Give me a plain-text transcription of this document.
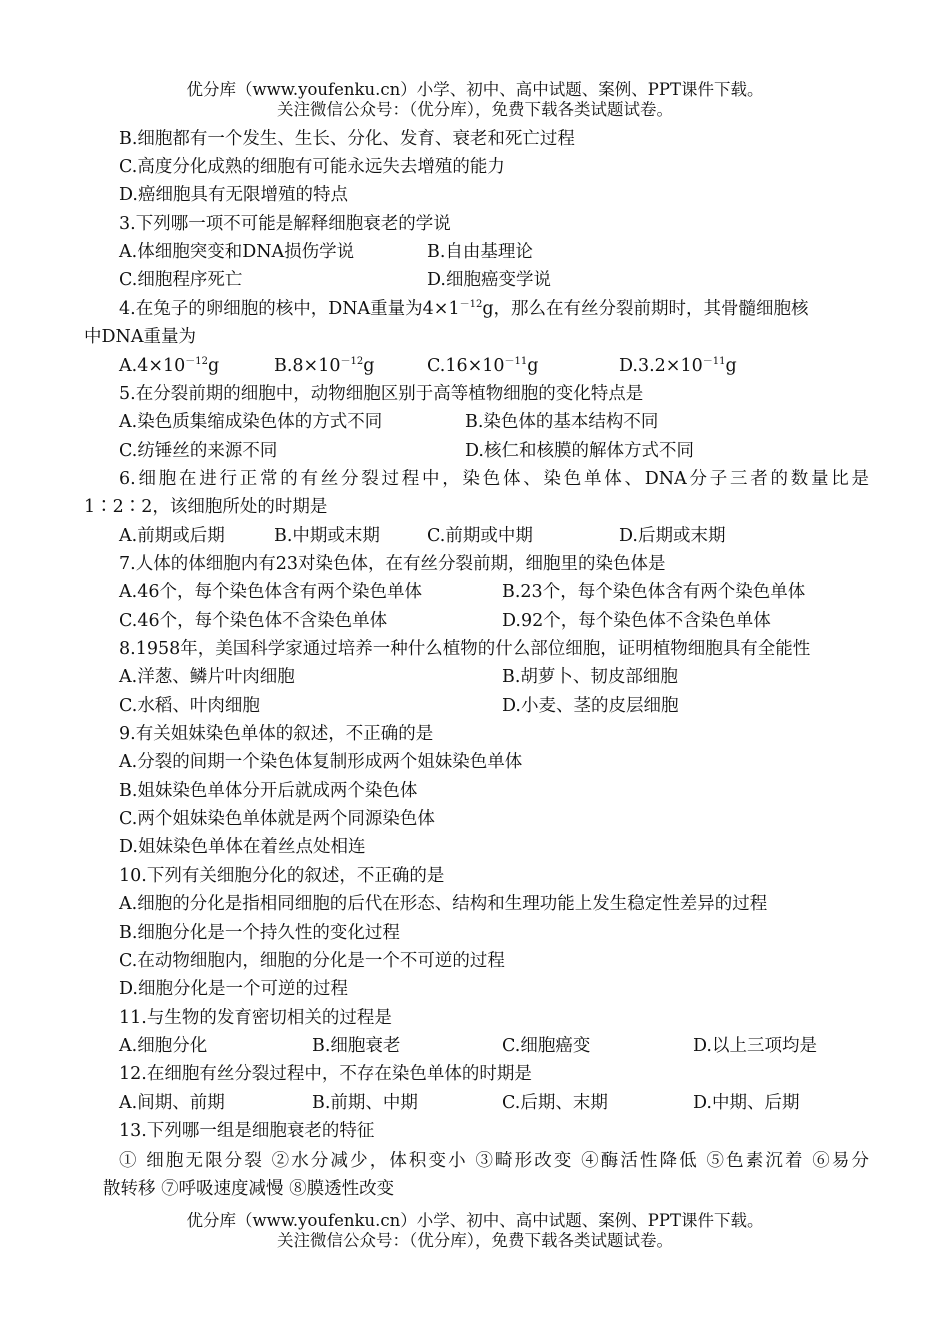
优分库（www.youfenku.cn）小学、初中、高中试题、案例、PPT课件下载。
关注微信公众号：（优分库），免费下载各类试题试卷。
B.细胞都有一个发生、生长、分化、发育、衰老和死亡过程
C.高度分化成熟的细胞有可能永远失去增殖的能力
D.癌细胞具有无限增殖的特点
3.下列哪一项不可能是解释细胞衰老的学说
A.体细胞突变和DNA损伤学说	B.自由基理论
C.细胞程序死亡	D.细胞癌变学说
4.在兔子的卵细胞的核中，DNA重量为$4\times 1^{-12}g$，那么在有丝分裂前期时，其骨髓细胞核
中DNA重量为
$A.4\times 10^{-12}g$	$B.8\times 10^{-12}g$	$C.16\times 10^{-11}g$	$D.3.2\times 10^{-11}g$
5.在分裂前期的细胞中，动物细胞区别于高等植物细胞的变化特点是
A.染色质集缩成染色体的方式不同	B.染色体的基本结构不同
C.纺锤丝的来源不同	D.核仁和核膜的解体方式不同
6.细胞在进行正常的有丝分裂过程中，染色体、染色单体、DNA分子三者的数量比是
1∶2∶2，该细胞所处的时期是
A.前期或后期	B.中期或末期	C.前期或中期	D.后期或末期
7.人体的体细胞内有23对染色体，在有丝分裂前期，细胞里的染色体是
A.46个，每个染色体含有两个染色单体	B.23个，每个染色体含有两个染色单体
C.46个，每个染色体不含染色单体	D.92个，每个染色体不含染色单体
8.1958年，美国科学家通过培养一种什么植物的什么部位细胞，证明植物细胞具有全能性
A.洋葱、鳞片叶肉细胞	B.胡萝卜、韧皮部细胞
C.水稻、叶肉细胞	D.小麦、茎的皮层细胞
9.有关姐妹染色单体的叙述，不正确的是
A.分裂的间期一个染色体复制形成两个姐妹染色单体
B.姐妹染色单体分开后就成两个染色体
C.两个姐妹染色单体就是两个同源染色体
D.姐妹染色单体在着丝点处相连
10.下列有关细胞分化的叙述，不正确的是
A.细胞的分化是指相同细胞的后代在形态、结构和生理功能上发生稳定性差异的过程
B.细胞分化是一个持久性的变化过程
C.在动物细胞内，细胞的分化是一个不可逆的过程
D.细胞分化是一个可逆的过程
11.与生物的发育密切相关的过程是
A.细胞分化	B.细胞衰老	C.细胞癌变	D.以上三项均是
12.在细胞有丝分裂过程中，不存在染色单体的时期是
A.间期、前期	B.前期、中期	C.后期、末期	D.中期、后期
13.下列哪一组是细胞衰老的特征
① 细胞无限分裂 ②水分减少，体积变小 ③畸形改变 ④酶活性降低 ⑤色素沉着 ⑥易分
散转移 ⑦呼吸速度减慢 ⑧膜透性改变
优分库（www.youfenku.cn）小学、初中、高中试题、案例、PPT课件下载。
关注微信公众号：（优分库），免费下载各类试题试卷。
